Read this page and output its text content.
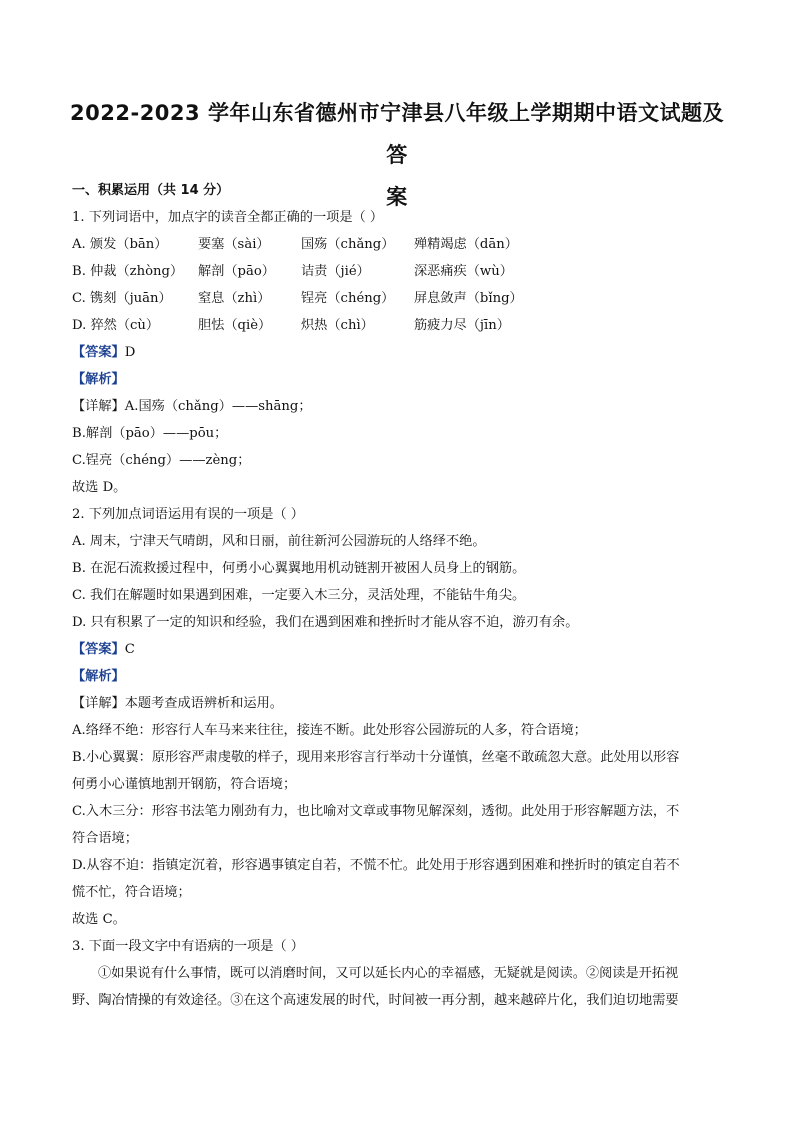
2022-2023 学年山东省德州市宁津县八年级上学期期中语文试题及答
案
一、积累运用（共 14 分）
1. 下列词语中，加点字的读音全都正确的一项是（ ）
A. 颁发（bān）	要塞（sài）	国殇（chǎng）	殚精竭虑（dān）
B. 仲裁（zhòng）	解剖（pāo）	诘责（jié）	深恶痛疾（wù）
C. 镌刻（juān）	窒息（zhì）	锃亮（chéng）	屏息敛声（bǐng）
D. 猝然（cù）	胆怯（qiè）	炽热（chì）	筋疲力尽（jīn）
【答案】D
【解析】
【详解】A.国殇（chǎng）——shāng；
B.解剖（pāo）——pōu；
C.锃亮（chéng）——zèng；
故选 D。
2. 下列加点词语运用有误的一项是（ ）
A. 周末，宁津天气晴朗，风和日丽，前往新河公园游玩的人络绎不绝。
B. 在泥石流救援过程中，何勇小心翼翼地用机动链割开被困人员身上的钢筋。
C. 我们在解题时如果遇到困难，一定要入木三分，灵活处理，不能钻牛角尖。
D. 只有积累了一定的知识和经验，我们在遇到困难和挫折时才能从容不迫，游刃有余。
【答案】C
【解析】
【详解】本题考查成语辨析和运用。
A.络绎不绝：形容行人车马来来往往，接连不断。此处形容公园游玩的人多，符合语境；
B.小心翼翼：原形容严肃虔敬的样子，现用来形容言行举动十分谨慎，丝毫不敢疏忽大意。此处用以形容
何勇小心谨慎地割开钢筋，符合语境；
C.入木三分：形容书法笔力刚劲有力，也比喻对文章或事物见解深刻，透彻。此处用于形容解题方法，不
符合语境；
D.从容不迫：指镇定沉着，形容遇事镇定自若，不慌不忙。此处用于形容遇到困难和挫折时的镇定自若不
慌不忙，符合语境；
故选 C。
3. 下面一段文字中有语病的一项是（ ）
①如果说有什么事情，既可以消磨时间，又可以延长内心的幸福感，无疑就是阅读。②阅读是开拓视
野、陶冶情操的有效途径。③在这个高速发展的时代，时间被一再分割，越来越碎片化，我们迫切地需要
